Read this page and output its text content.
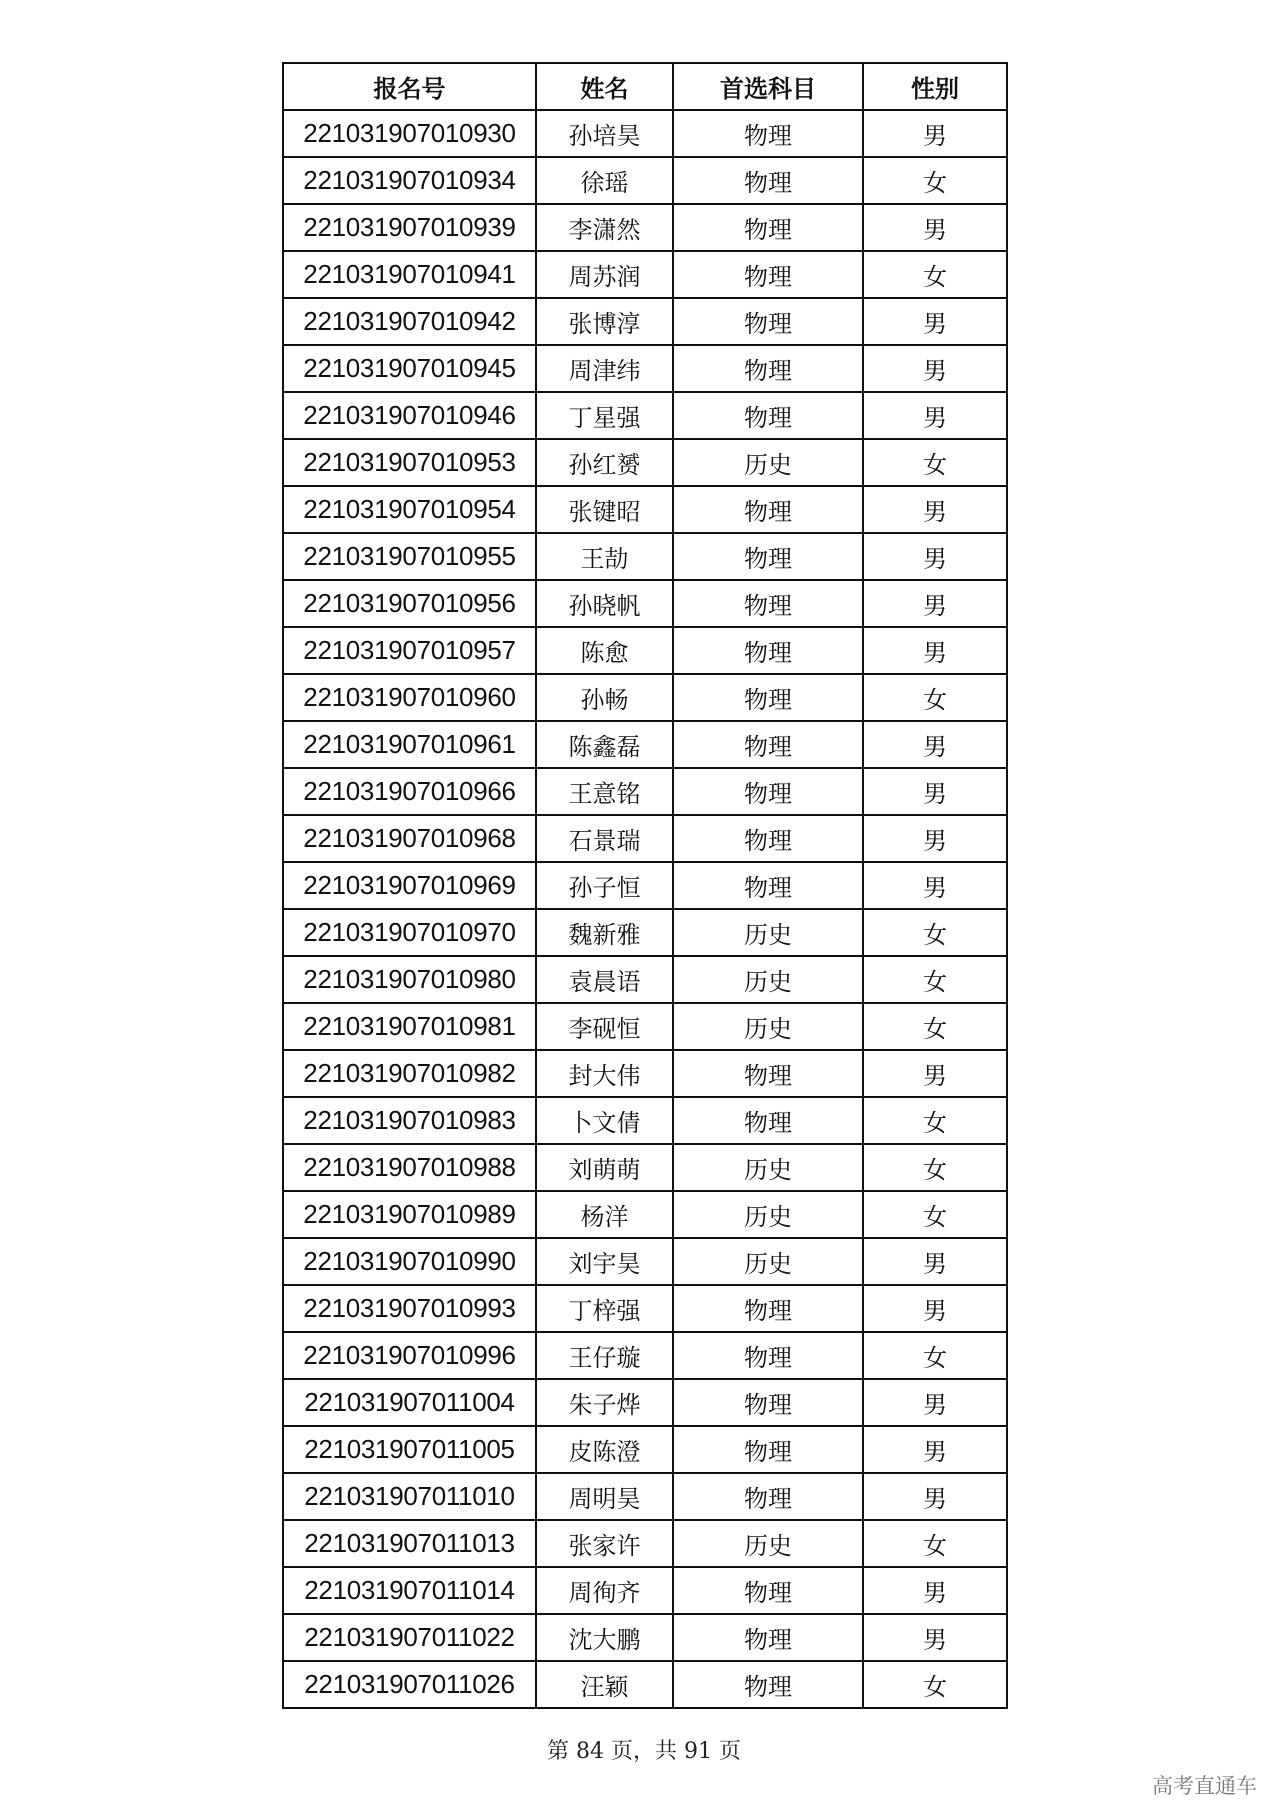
报名号	姓名	首选科目	性别
221031907010930	孙培昊	物理	男
221031907010934	徐瑶	物理	女
221031907010939	李潇然	物理	男
221031907010941	周苏润	物理	女
221031907010942	张博淳	物理	男
221031907010945	周津纬	物理	男
221031907010946	丁星强	物理	男
221031907010953	孙红赟	历史	女
221031907010954	张键昭	物理	男
221031907010955	王劼	物理	男
221031907010956	孙晓帆	物理	男
221031907010957	陈愈	物理	男
221031907010960	孙畅	物理	女
221031907010961	陈鑫磊	物理	男
221031907010966	王意铭	物理	男
221031907010968	石景瑞	物理	男
221031907010969	孙子恒	物理	男
221031907010970	魏新雅	历史	女
221031907010980	袁晨语	历史	女
221031907010981	李砚恒	历史	女
221031907010982	封大伟	物理	男
221031907010983	卜文倩	物理	女
221031907010988	刘萌萌	历史	女
221031907010989	杨洋	历史	女
221031907010990	刘宇昊	历史	男
221031907010993	丁梓强	物理	男
221031907010996	王仔璇	物理	女
221031907011004	朱子烨	物理	男
221031907011005	皮陈澄	物理	男
221031907011010	周明昊	物理	男
221031907011013	张家许	历史	女
221031907011014	周徇齐	物理	男
221031907011022	沈大鹏	物理	男
221031907011026	汪颖	物理	女
第 84 页，共 91 页
高考直通车
